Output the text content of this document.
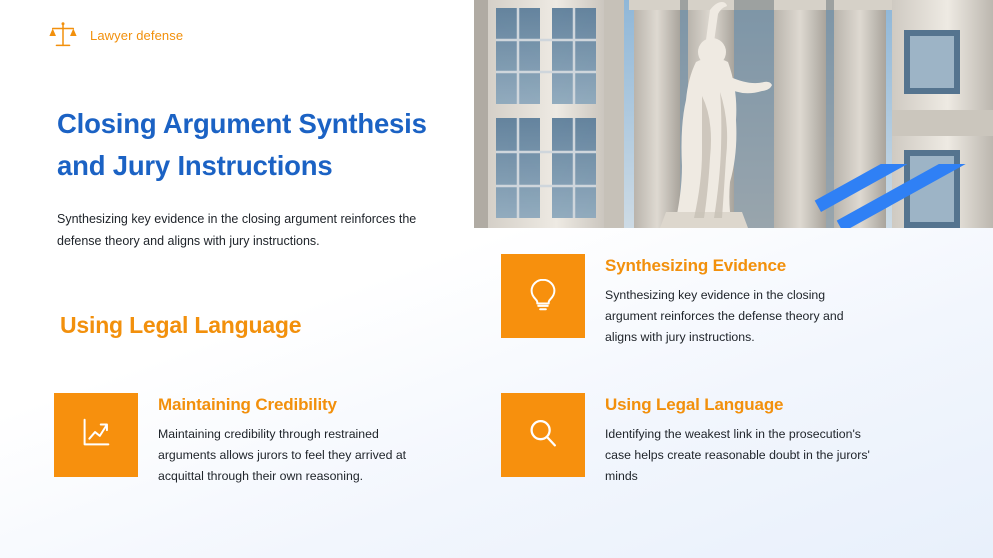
Lawyer defense
Closing Argument Synthesis and Jury Instructions

Synthesizing key evidence in the closing argument reinforces the defense theory and aligns with jury instructions.

Using Legal Language
Synthesizing Evidence

Synthesizing key evidence in the closing argument reinforces the defense theory and aligns with jury instructions.

Maintaining Credibility

Maintaining credibility through restrained arguments allows jurors to feel they arrived at acquittal through their own reasoning.

Using Legal Language

Identifying the weakest link in the prosecution's case helps create reasonable doubt in the jurors' minds
